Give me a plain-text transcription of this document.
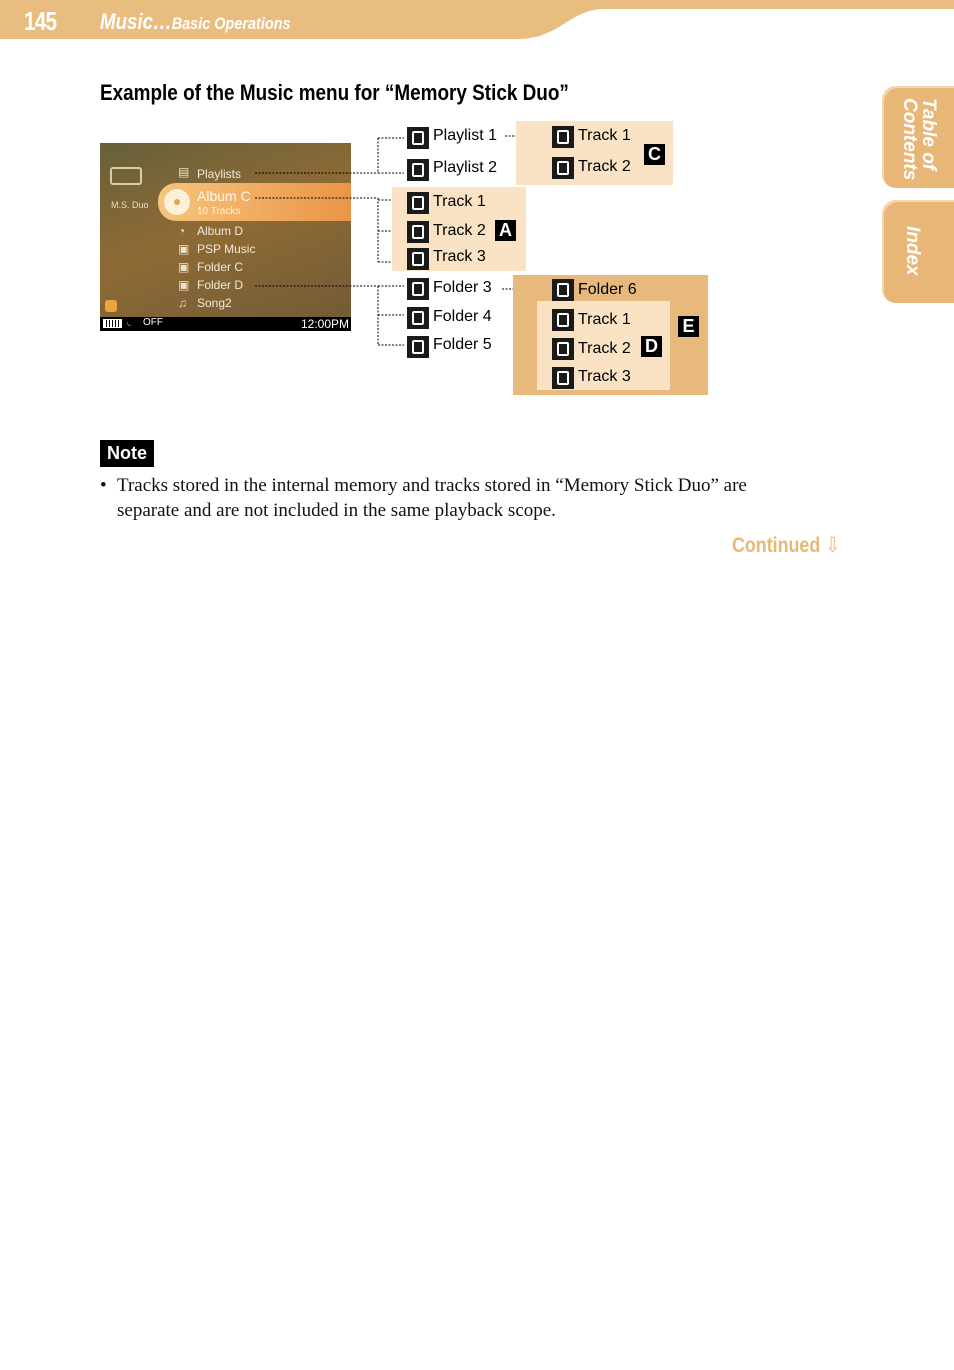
145 Music…Basic Operations
Table of Contents
Index
Example of the Music menu for “Memory Stick Duo”
M.S. Duo
▤ Playlists
Album C
10 Tracks
◔ Album D
▣ PSP Music
▣ Folder C
▣ Folder D
♫ Song2
◟ OFF	12:00PM
Playlist 1
Playlist 2
Track 1
Track 2
C
Track 1
Track 2
Track 3
A
Folder 3
Folder 4
Folder 5
Folder 6
Track 1
Track 2
Track 3
D
E
Note
• Tracks stored in the internal memory and tracks stored in “Memory Stick Duo” are separate and are not included in the same playback scope.
Continued ⇩
